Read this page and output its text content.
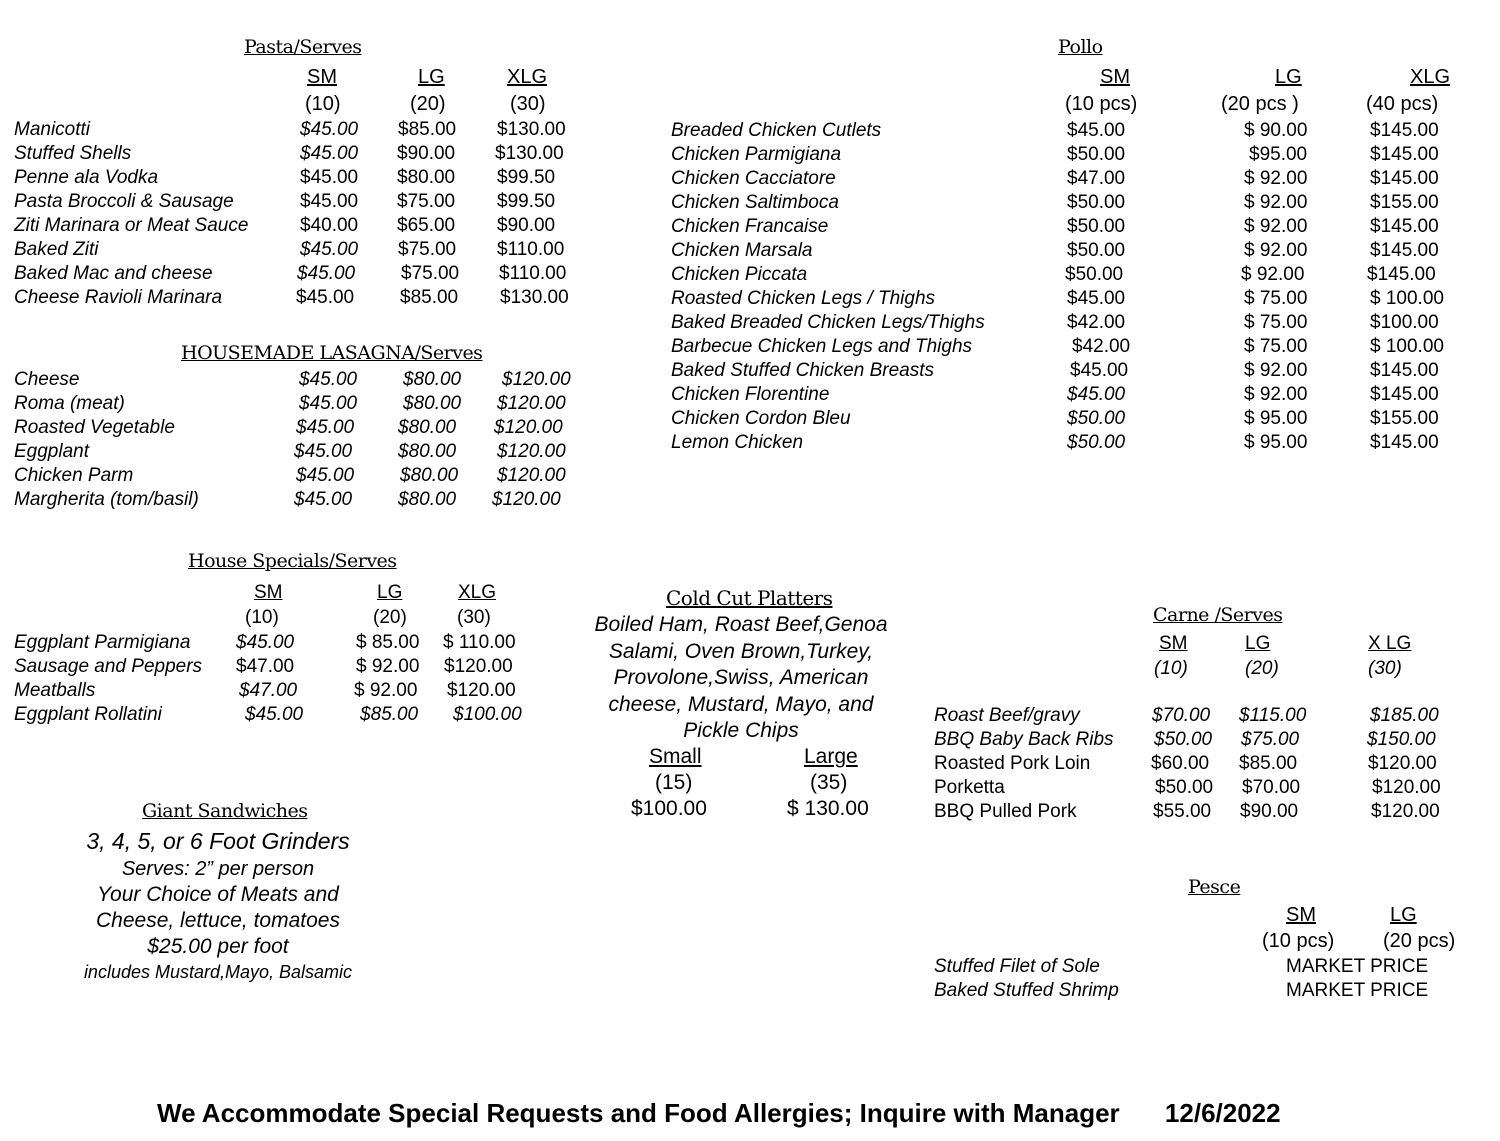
Pasta/Serves
SM	LG	XLG
(10)	(20)	(30)
Manicotti	$45.00 $85.00 $130.00
Stuffed Shells	$45.00 $90.00 $130.00
Penne ala Vodka	$45.00 $80.00 $99.50
Pasta Broccoli & Sausage	$45.00 $75.00 $99.50
Ziti Marinara or Meat Sauce	$40.00 $65.00 $90.00
Baked Ziti	$45.00 $75.00 $110.00
Baked Mac and cheese	$45.00 $75.00 $110.00
Cheese Ravioli Marinara	$45.00 $85.00 $130.00
HOUSEMADE LASAGNA/Serves
Cheese	$45.00 $80.00 $120.00
Roma (meat)	$45.00 $80.00 $120.00
Roasted Vegetable	$45.00 $80.00 $120.00
Eggplant	$45.00 $80.00 $120.00
Chicken Parm	$45.00 $80.00 $120.00
Margherita (tom/basil)	$45.00 $80.00 $120.00
House Specials/Serves
SM	LG	XLG
(10)	(20)	(30)
Eggplant Parmigiana $45.00	$ 85.00 $ 110.00
Sausage and Peppers $47.00	$ 92.00 $120.00
Meatballs	$47.00	$ 92.00 $120.00
Eggplant Rollatini	$45.00	$85.00 $100.00
Giant Sandwiches
3, 4, 5, or 6 Foot Grinders
Serves: 2” per person
Your Choice of Meats and
Cheese, lettuce, tomatoes
$25.00 per foot
includes Mustard,Mayo, Balsamic
Cold Cut Platters
Boiled Ham, Roast Beef,Genoa
Salami, Oven Brown,Turkey,
Provolone,Swiss, American
cheese, Mustard, Mayo, and
Pickle Chips
Small	Large
(15)	(35)
$100.00	$ 130.00
Pollo
SM	LG	XLG
(10 pcs)	(20 pcs )	(40 pcs)
Breaded Chicken Cutlets	$45.00	$ 90.00	$145.00
Chicken Parmigiana	$50.00	$95.00	$145.00
Chicken Cacciatore	$47.00	$ 92.00	$145.00
Chicken Saltimboca	$50.00	$ 92.00	$155.00
Chicken Francaise	$50.00	$ 92.00	$145.00
Chicken Marsala	$50.00	$ 92.00	$145.00
Chicken Piccata	$50.00	$ 92.00	$145.00
Roasted Chicken Legs / Thighs	$45.00	$ 75.00	$ 100.00
Baked Breaded Chicken Legs/Thighs	$42.00	$ 75.00	$100.00
Barbecue Chicken Legs and Thighs	$42.00	$ 75.00	$ 100.00
Baked Stuffed Chicken Breasts	$45.00	$ 92.00	$145.00
Chicken Florentine	$45.00	$ 92.00	$145.00
Chicken Cordon Bleu	$50.00	$ 95.00	$155.00
Lemon Chicken	$50.00	$ 95.00	$145.00
Carne /Serves
SM	LG	X LG
(10)	(20)	(30)
Roast Beef/gravy	$70.00 $115.00	$185.00
BBQ Baby Back Ribs $50.00 $75.00	$150.00
Roasted Pork Loin	$60.00 $85.00	$120.00
Porketta	$50.00 $70.00	$120.00
BBQ Pulled Pork	$55.00 $90.00	$120.00
Pesce
SM	LG
(10 pcs) (20 pcs)
Stuffed Filet of Sole	MARKET PRICE
Baked Stuffed Shrimp	MARKET PRICE
We Accommodate Special Requests and Food Allergies; Inquire with Manager 12/6/2022
